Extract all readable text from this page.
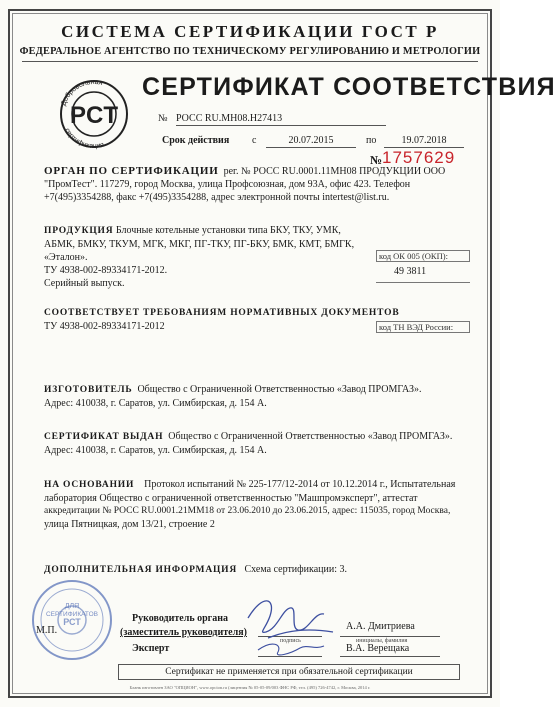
СИСТЕМА СЕРТИФИКАЦИИ ГОСТ Р
ФЕДЕРАЛЬНОЕ АГЕНТСТВО ПО ТЕХНИЧЕСКОМУ РЕГУЛИРОВАНИЮ И МЕТРОЛОГИИ
Добровольная
сертификация
PCT
СЕРТИФИКАТ СООТВЕТСТВИЯ
№ РОСС RU.МН08.Н27413
Срок действия с	20.07.2015	по	19.07.2018
№ 1757629
ОРГАН ПО СЕРТИФИКАЦИИ рег. № РОСС RU.0001.11МН08 ПРОДУКЦИИ ООО
"ПромТест". 117279, город Москва, улица Профсоюзная, дом 93А, офис 423. Телефон
+7(495)3354288, факс +7(495)3354288, адрес электронной почты intertest@list.ru.
ПРОДУКЦИЯ Блочные котельные установки типа БКУ, ТКУ, УМК,
АБМК, БМКУ, ТКУМ, МГК, МКГ, ПГ-ТКУ, ПГ-БКУ, БМК, КМТ, БМГК,
«Эталон».
ТУ 4938-002-89334171-2012.
Серийный выпуск.
код ОК 005 (ОКП):
49 3811
код ТН ВЭД России:
СООТВЕТСТВУЕТ ТРЕБОВАНИЯМ НОРМАТИВНЫХ ДОКУМЕНТОВ
ТУ 4938-002-89334171-2012
ИЗГОТОВИТЕЛЬ Общество с Ограниченной Ответственностью «Завод ПРОМГАЗ».
Адрес: 410038, г. Саратов, ул. Симбирская, д. 154 А.
СЕРТИФИКАТ ВЫДАН Общество с Ограниченной Ответственностью «Завод ПРОМГАЗ».
Адрес: 410038, г. Саратов, ул. Симбирская, д. 154 А.
НА ОСНОВАНИИ Протокол испытаний № 225-177/12-2014 от 10.12.2014 г., Испытательная
лаборатория Общество с ограниченной ответственностью "Машпромэксперт", аттестат
аккредитации № РОСС RU.0001.21ММ18 от 23.06.2010 до 23.06.2015, адрес: 115035, город Москва,
улица Пятницкая, дом 13/21, строение 2
ДОПОЛНИТЕЛЬНАЯ ИНФОРМАЦИЯ Схема сертификации: 3.
ДЛЯ
СЕРТИФИКАТОВ
РСТ
М.П.
Руководитель органа
(заместитель руководителя)
подпись
А.А. Дмитриева
инициалы, фамилия
Эксперт	В.А. Верещака
Сертификат не применяется при обязательной сертификации
Бланк изготовлен ЗАО "ОПЦИОН", www.opcion.ru (лицензия № 05-05-09/003 ФНС РФ, тел. (495) 726-4742, г. Москва, 2014 г.
